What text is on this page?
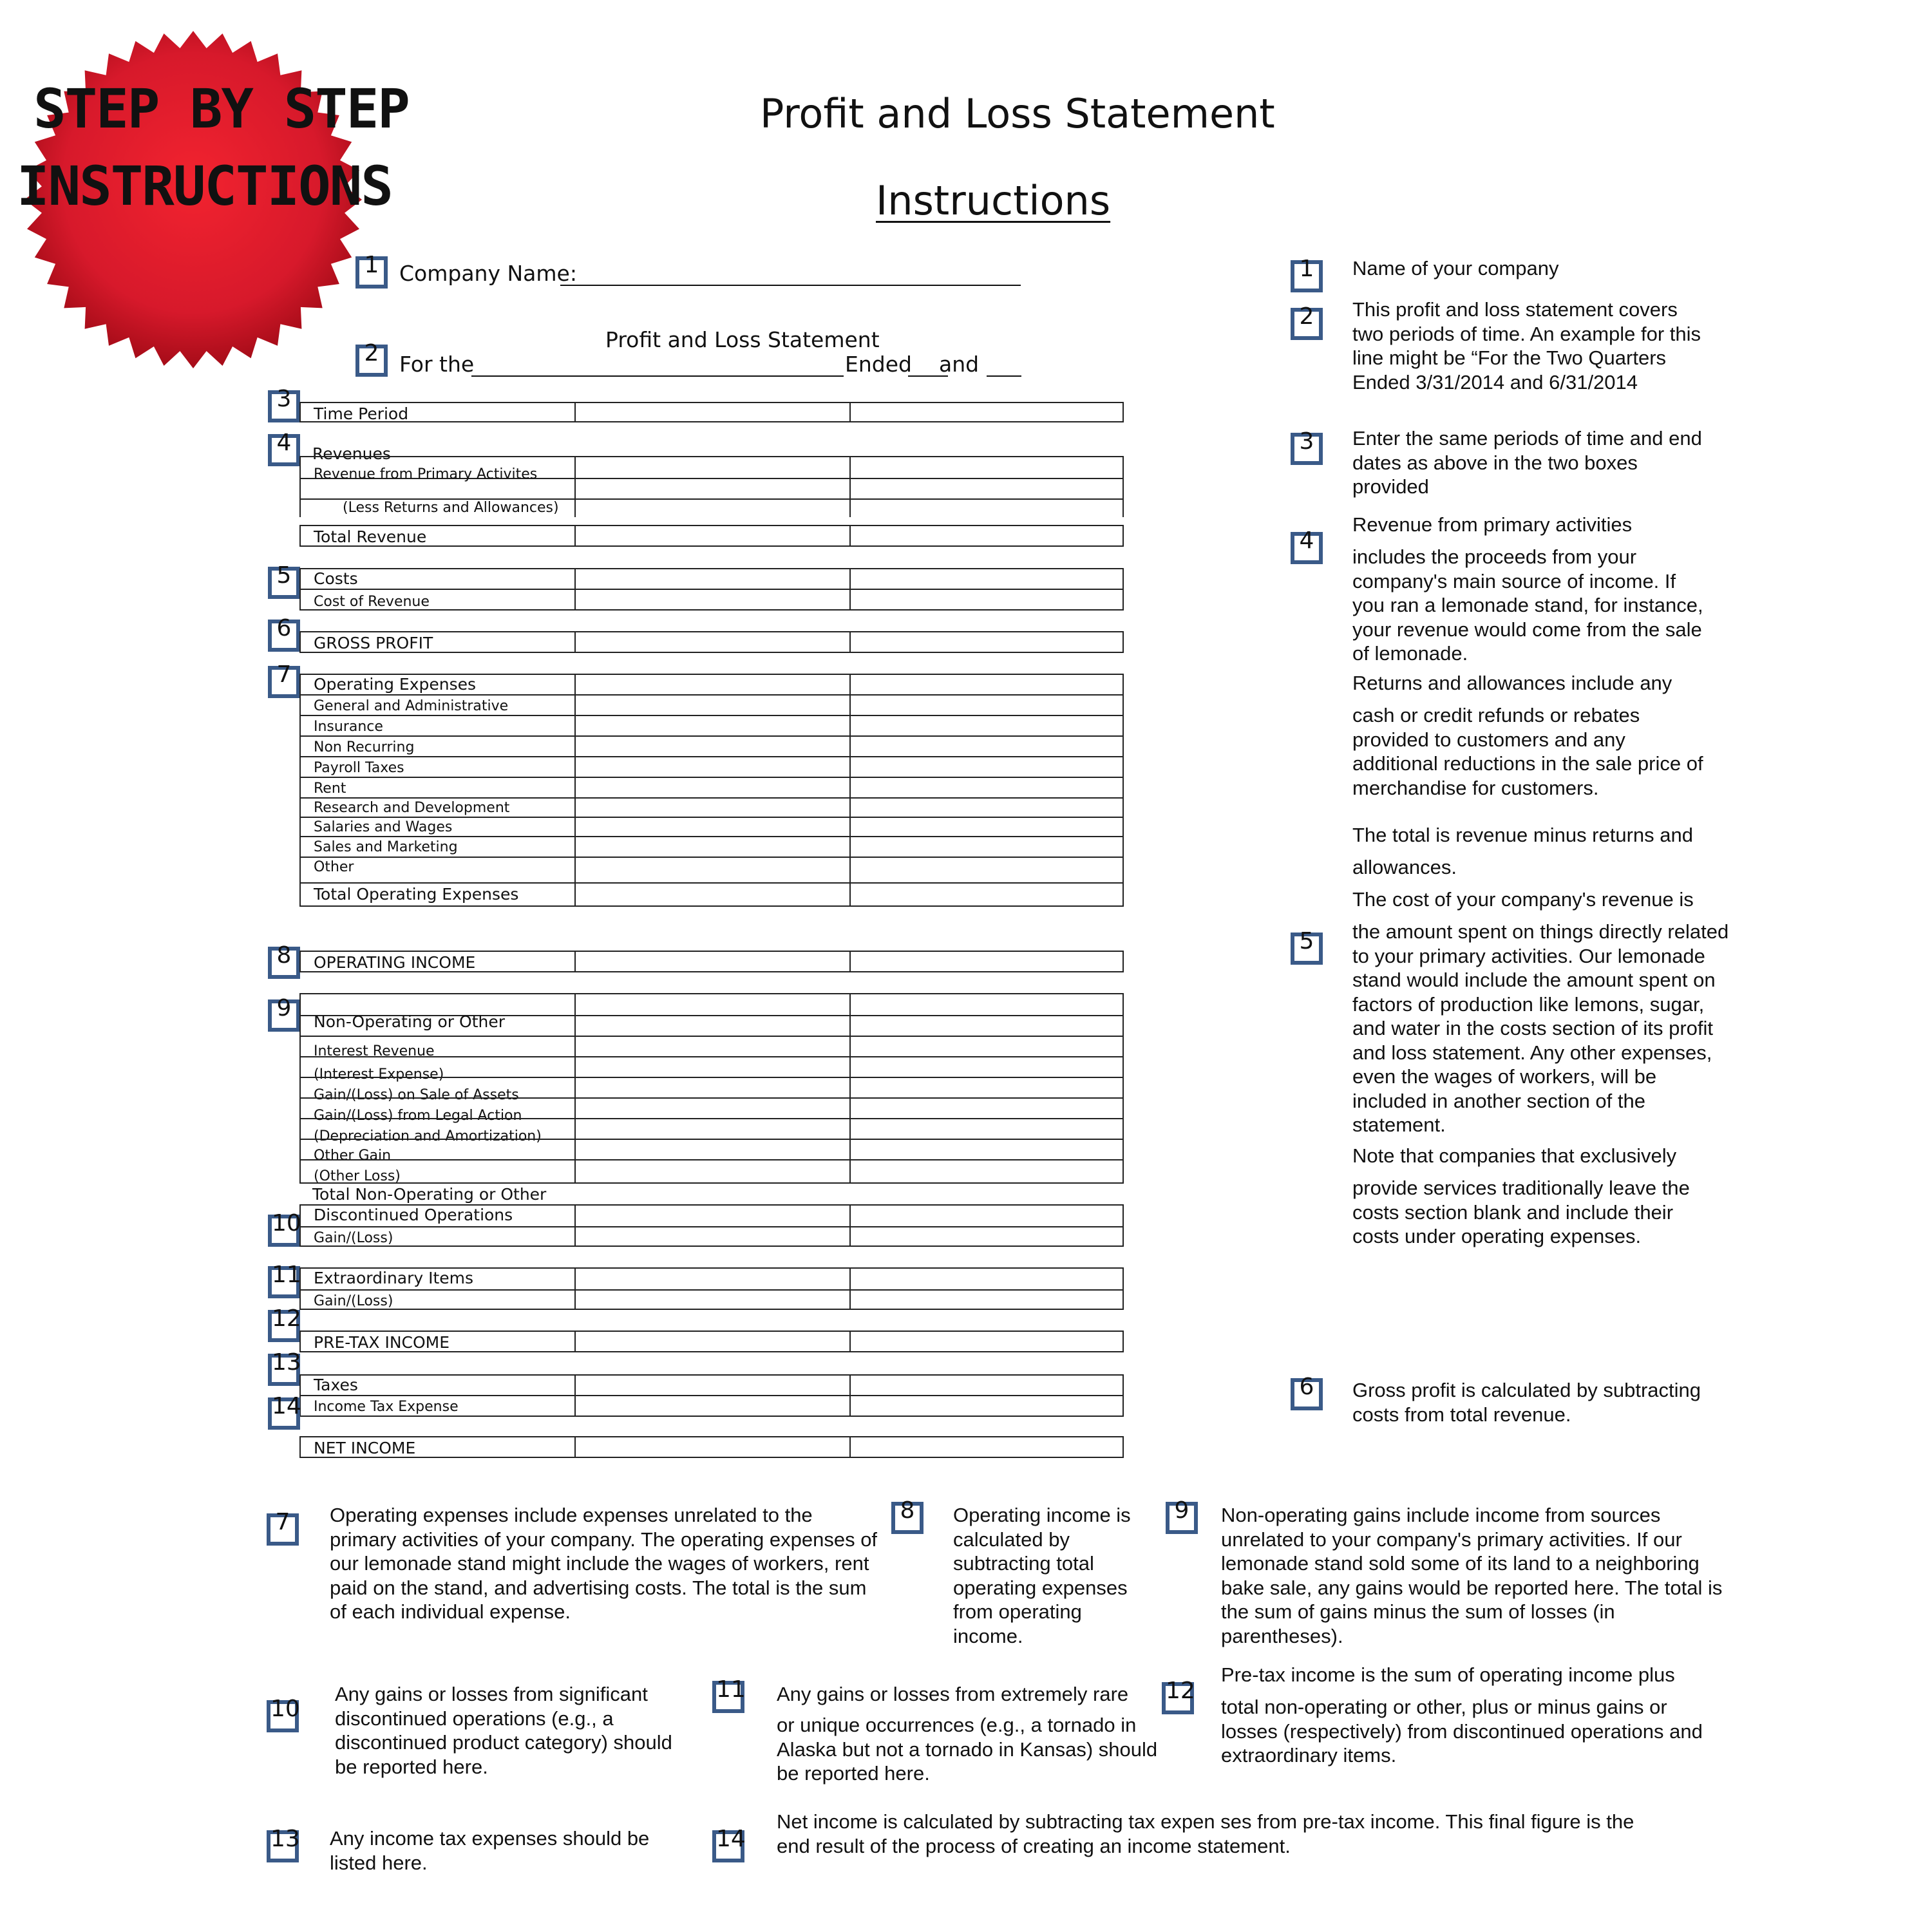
STEP BY STEP
INSTRUCTIONS
Profit and Loss Statement
Instructions
1 Company Name:
Profit and Loss Statement
2 For the	Ended and
3
Time Period
4	Revenues
Revenue from Primary Activites
(Less Returns and Allowances)
Total Revenue
5	Costs
Cost of Revenue
6
GROSS PROFIT
7	Operating Expenses
General and Administrative
Insurance
Non Recurring
Payroll Taxes
Rent
Research and Development
Salaries and Wages
Sales and Marketing
Other
Total Operating Expenses
8	OPERATING INCOME
9
Non-Operating or Other
Interest Revenue
(Interest Expense)
Gain/(Loss) on Sale of Assets
Gain/(Loss) from Legal Action
(Depreciation and Amortization)
Other Gain
(Other Loss)
Total Non-Operating or Other
10 Discontinued Operations
Gain/(Loss)
11 Extraordinary Items
Gain/(Loss)
12
PRE-TAX INCOME
13
Taxes
Income Tax Expense
14
NET INCOME
1 Name of your company
2 This profit and loss statement covers two periods of time. An example for this line might be “For the Two Quarters Ended 3/31/2014 and 6/31/2014
3 Enter the same periods of time and end dates as above in the two boxes provided
4
Revenue from primary activities
includes the proceeds from your company's main source of income. If you ran a lemonade stand, for instance, your revenue would come from the sale of lemonade.
Returns and allowances include any
cash or credit refunds or rebates provided to customers and any additional reductions in the sale price of merchandise for customers.
The total is revenue minus returns and
allowances.
5
The cost of your company's revenue is
the amount spent on things directly related to your primary activities. Our lemonade stand would include the amount spent on factors of production like lemons, sugar, and water in the costs section of its profit and loss statement. Any other expenses, even the wages of workers, will be included in another section of the statement.
Note that companies that exclusively
provide services traditionally leave the costs section blank and include their costs under operating expenses.
6 Gross profit is calculated by subtracting costs from total revenue.
7 Operating expenses include expenses unrelated to the primary activities of your company. The operating expenses of our lemonade stand might include the wages of workers, rent paid on the stand, and advertising costs. The total is the sum of each individual expense.
8 Operating income is calculated by subtracting total operating expenses from operating income.
9 Non-operating gains include income from sources unrelated to your company's primary activities. If our lemonade stand sold some of its land to a neighboring bake sale, any gains would be reported here. The total is the sum of gains minus the sum of losses (in parentheses).
10
Any gains or losses from significant discontinued operations (e.g., a discontinued product category) should be reported here.
11 Any gains or losses from extremely rare
or unique occurrences (e.g., a tornado in Alaska but not a tornado in Kansas) should be reported here.
12
Pre-tax income is the sum of operating income plus
total non-operating or other, plus or minus gains or losses (respectively) from discontinued operations and extraordinary items.
13 Any income tax expenses should be listed here.
14
Net income is calculated by subtracting tax expen ses from pre-tax income. This final figure is the end result of the process of creating an income statement.
